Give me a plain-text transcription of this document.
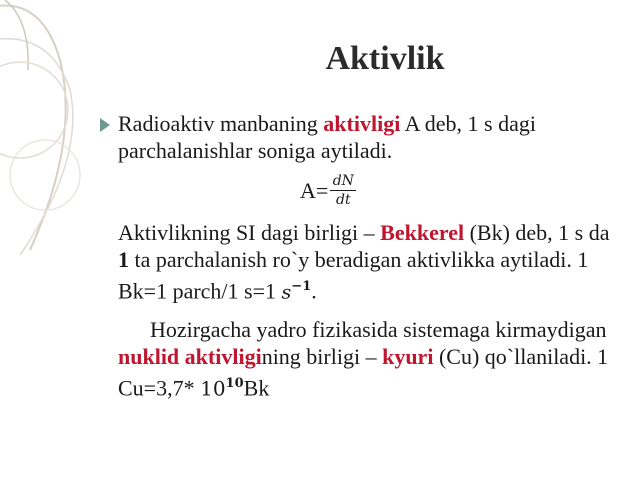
Aktivlik

Radioaktiv manbaning aktivligi A deb, 1 s dagi parchalanishlar soniga aytiladi.

$A= \frac{dN}{dt}$

Aktivlikning SI dagi birligi – Bekkerel (Bk) deb, 1 s da 1 ta parchalanish ro`y beradigan aktivlikka aytiladi. 1 Bk=1 parch/1 s=1 $s^{-1}$.

Hozirgacha yadro fizikasida sistemaga kirmaydigan nuklid aktivligining birligi – kyuri (Cu) qo`llaniladi. 1 Cu=3,7* $10^{10}Bk$
